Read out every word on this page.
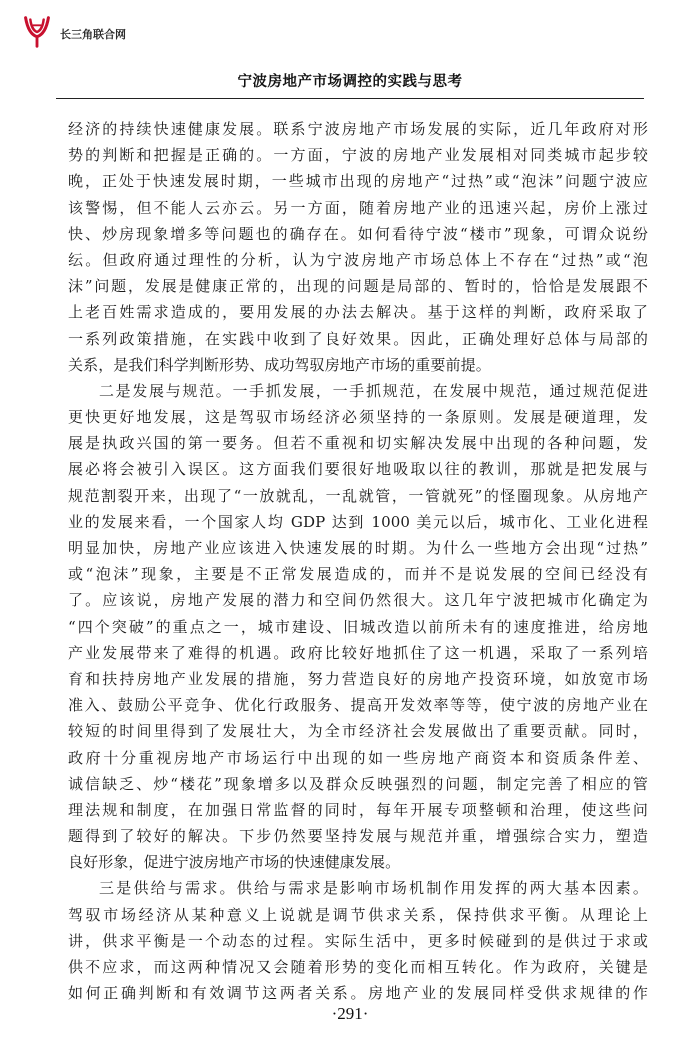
长三角联合网
宁波房地产市场调控的实践与思考
经济的持续快速健康发展。联系宁波房地产市场发展的实际，近几年政府对形
势的判断和把握是正确的。一方面，宁波的房地产业发展相对同类城市起步较
晚，正处于快速发展时期，一些城市出现的房地产“过热”或“泡沫”问题宁波应
该警惕，但不能人云亦云。另一方面，随着房地产业的迅速兴起，房价上涨过
快、炒房现象增多等问题也的确存在。如何看待宁波“楼市”现象，可谓众说纷
纭。但政府通过理性的分析，认为宁波房地产市场总体上不存在“过热”或“泡
沫”问题，发展是健康正常的，出现的问题是局部的、暂时的，恰恰是发展跟不
上老百姓需求造成的，要用发展的办法去解决。基于这样的判断，政府采取了
一系列政策措施，在实践中收到了良好效果。因此，正确处理好总体与局部的
关系，是我们科学判断形势、成功驾驭房地产市场的重要前提。
二是发展与规范。一手抓发展，一手抓规范，在发展中规范，通过规范促进
更快更好地发展，这是驾驭市场经济必须坚持的一条原则。发展是硬道理，发
展是执政兴国的第一要务。但若不重视和切实解决发展中出现的各种问题，发
展必将会被引入误区。这方面我们要很好地吸取以往的教训，那就是把发展与
规范割裂开来，出现了“一放就乱，一乱就管，一管就死”的怪圈现象。从房地产
业的发展来看，一个国家人均 GDP 达到 1000 美元以后，城市化、工业化进程
明显加快，房地产业应该进入快速发展的时期。为什么一些地方会出现“过热”
或“泡沫”现象，主要是不正常发展造成的，而并不是说发展的空间已经没有
了。应该说，房地产发展的潜力和空间仍然很大。这几年宁波把城市化确定为
“四个突破”的重点之一，城市建设、旧城改造以前所未有的速度推进，给房地
产业发展带来了难得的机遇。政府比较好地抓住了这一机遇，采取了一系列培
育和扶持房地产业发展的措施，努力营造良好的房地产投资环境，如放宽市场
准入、鼓励公平竞争、优化行政服务、提高开发效率等等，使宁波的房地产业在
较短的时间里得到了发展壮大，为全市经济社会发展做出了重要贡献。同时，
政府十分重视房地产市场运行中出现的如一些房地产商资本和资质条件差、
诚信缺乏、炒“楼花”现象增多以及群众反映强烈的问题，制定完善了相应的管
理法规和制度，在加强日常监督的同时，每年开展专项整顿和治理，使这些问
题得到了较好的解决。下步仍然要坚持发展与规范并重，增强综合实力，塑造
良好形象，促进宁波房地产市场的快速健康发展。
三是供给与需求。供给与需求是影响市场机制作用发挥的两大基本因素。
驾驭市场经济从某种意义上说就是调节供求关系，保持供求平衡。从理论上
讲，供求平衡是一个动态的过程。实际生活中，更多时候碰到的是供过于求或
供不应求，而这两种情况又会随着形势的变化而相互转化。作为政府，关键是
如何正确判断和有效调节这两者关系。房地产业的发展同样受供求规律的作
·291·
